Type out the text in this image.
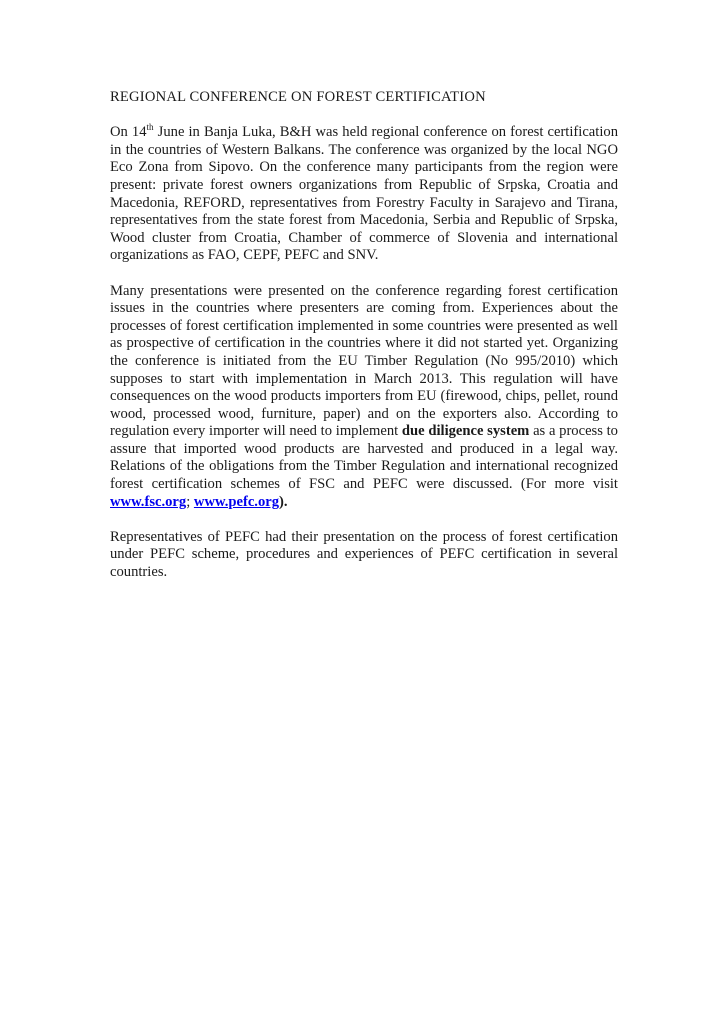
REGIONAL CONFERENCE ON FOREST CERTIFICATION

On 14th June in Banja Luka, B&H was held regional conference on forest certification in the countries of Western Balkans. The conference was organized by the local NGO Eco Zona from Sipovo. On the conference many participants from the region were present: private forest owners organizations from Republic of Srpska, Croatia and Macedonia, REFORD, representatives from Forestry Faculty in Sarajevo and Tirana, representatives from the state forest from Macedonia, Serbia and Republic of Srpska, Wood cluster from Croatia, Chamber of commerce of Slovenia and international organizations as FAO, CEPF, PEFC and SNV.

Many presentations were presented on the conference regarding forest certification issues in the countries where presenters are coming from. Experiences about the processes of forest certification implemented in some countries were presented as well as prospective of certification in the countries where it did not started yet. Organizing the conference is initiated from the EU Timber Regulation (No 995/2010) which supposes to start with implementation in March 2013. This regulation will have consequences on the wood products importers from EU (firewood, chips, pellet, round wood, processed wood, furniture, paper) and on the exporters also. According to regulation every importer will need to implement due diligence system as a process to assure that imported wood products are harvested and produced in a legal way. Relations of the obligations from the Timber Regulation and international recognized forest certification schemes of FSC and PEFC were discussed. (For more visit www.fsc.org; www.pefc.org).

Representatives of PEFC had their presentation on the process of forest certification under PEFC scheme, procedures and experiences of PEFC certification in several countries.
